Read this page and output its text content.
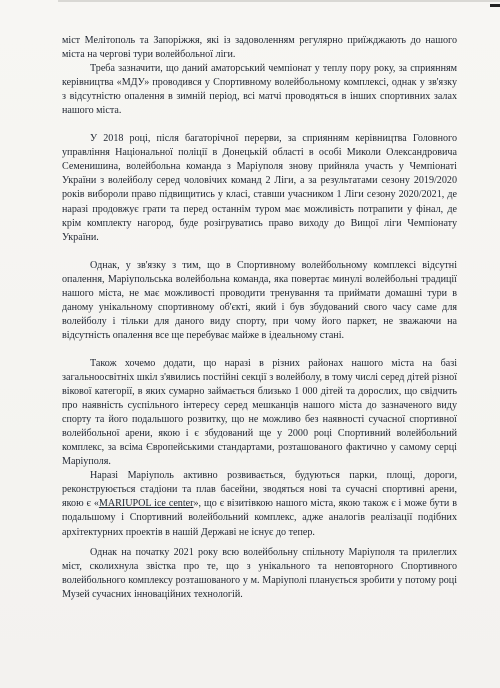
міст Мелітополь та Запоріжжя, які із задоволенням регулярно приїжджають до нашого міста на чергові тури волейбольної ліги.

Треба зазначити, що даний аматорський чемпіонат у теплу пору року, за сприянням керівництва «МДУ» проводився у Спортивному волейбольному комплексі, однак у зв'язку з відсутністю опалення в зимній період, всі матчі проводяться в інших спортивних залах нашого міста.

У 2018 році, після багаторічної перерви, за сприянням керівництва Головного управління Національної поліції в Донецькій області в особі Миколи Олександровича Семенишина, волейбольна команда з Маріуполя знову прийняла участь у Чемпіонаті України з волейболу серед чоловічих команд 2 Ліги, а за результатами сезону 2019/2020 років вибороли право підвищитись у класі, ставши учасником 1 Ліги сезону 2020/2021, де наразі продовжує грати та перед останнім туром має можливість потрапити у фінал, де крім комплекту нагород, буде розігруватись право виходу до Вищої ліги Чемпіонату України.

Однак, у зв'язку з тим, що в Спортивному волейбольному комплексі відсутні опалення, Маріупольська волейбольна команда, яка повертає минулі волейбольні традиції нашого міста, не має можливості проводити тренування та приймати домашні тури в даному унікальному спортивному об'єкті, який і був збудований свого часу саме для волейболу і тільки для даного виду спорту, при чому його паркет, не зважаючи на відсутність опалення все ще перебуває майже в ідеальному стані.

Також хочемо додати, що наразі в різних районах нашого міста на базі загальноосвітніх шкіл з'явились постійні секції з волейболу, в тому числі серед дітей різної вікової категорії, в яких сумарно займається близько 1 000 дітей та дорослих, що свідчить про наявність суспільного інтересу серед мешканців нашого міста до зазначеного виду спорту та його подальшого розвитку, що не можливо без наявності сучасної спортивної волейбольної арени, якою і є збудований ще у 2000 році Спортивний волейбольний комплекс, за всіма Європейськими стандартами, розташованого фактично у самому серці Маріуполя.

Наразі Маріуполь активно розвивається, будуються парки, площі, дороги, реконструюється стадіони та плав басейни, зводяться нові та сучасні спортивні арени, якою є «MARIUPOL ice center», що є візитівкою нашого міста, якою також є і може бути в подальшому і Спортивний волейбольний комплекс, адже аналогів реалізації подібних архітектурних проектів в нашій Державі не існує до тепер.

Однак на початку 2021 року всю волейбольну спільноту Маріуполя та прилеглих міст, сколихнула звістка про те, що з унікального та неповторного Спортивного волейбольного комплексу розташованого у м. Маріуполі планується зробити у потому році Музей сучасних інноваційних технологій.
